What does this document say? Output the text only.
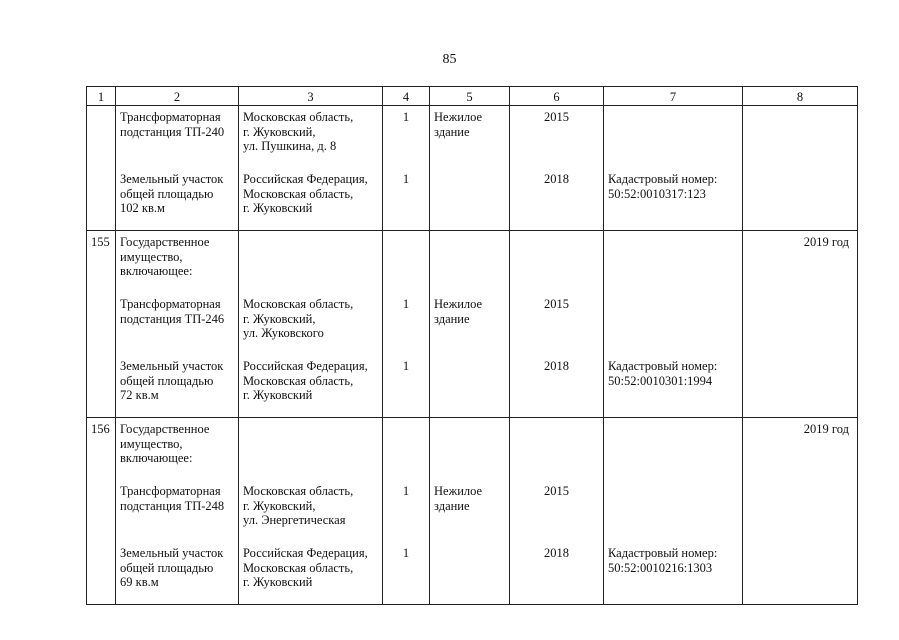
85
1	2	3	4	5	6	7	8

	Трансформаторная
подстанция ТП-240	Московская область,
г. Жуковский,
ул. Пушкина, д. 8	1	Нежилое
здание	2015		

	Земельный участок
общей площадью
102 кв.м	Российская Федерация,
Московская область,
г. Жуковский	1		2018	Кадастровый номер:
50:52:0010317:123	

155	Государственное
имущество,
включающее:						2019 год

	Трансформаторная
подстанция ТП-246	Московская область,
г. Жуковский,
ул. Жуковского	1	Нежилое
здание	2015		

	Земельный участок
общей площадью
72 кв.м	Российская Федерация,
Московская область,
г. Жуковский	1		2018	Кадастровый номер:
50:52:0010301:1994	

156	Государственное
имущество,
включающее:						2019 год

	Трансформаторная
подстанция ТП-248	Московская область,
г. Жуковский,
ул. Энергетическая	1	Нежилое
здание	2015		

	Земельный участок
общей площадью
69 кв.м	Российская Федерация,
Московская область,
г. Жуковский	1		2018	Кадастровый номер:
50:52:0010216:1303	
